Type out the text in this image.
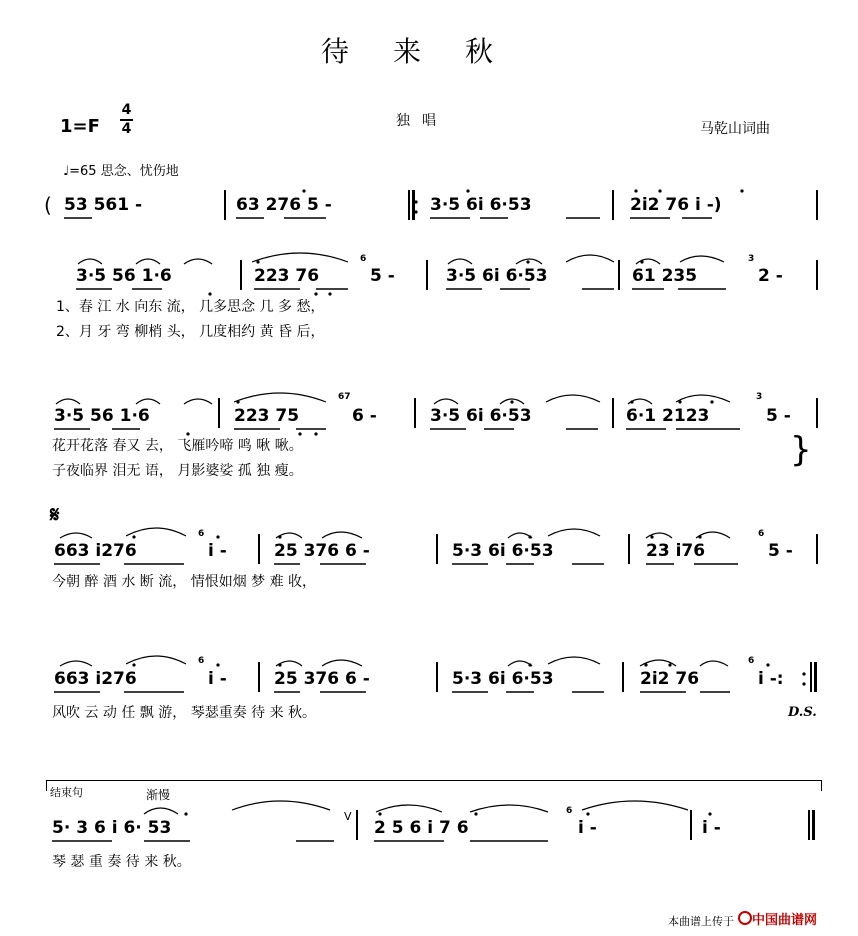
待来秋
1=F
4
4	独唱	马乾山词曲
♩=65 思念、忧伤地
( 53 561 -	63 276 5 -	3·5 6i 6·53	2i2 76 i -)
3·5 56 1·6	223 76
6
5 -	3·5 6i 6·53	61 235
3
2 -
1、春 江 水 向东 流， 几多思念 几 多 愁，
2、月 牙 弯 柳梢 头， 几度相约 黄 昏 后，
3·5 56 1·6	223 75
67
6 -	3·5 6i 6·53	6·1 2123
3
5 -
花开花落 春又 去， 飞雁吟啼 鸣 啾 啾。
子夜临界 泪无 语， 月影婆娑 孤 独 瘦。
}
𝄋
663 i276
6
i -	25 376 6 -	5·3 6i 6·53	23 i76
6
5 -
今朝 醉 酒 水 断 流， 情恨如烟 梦 难 收，
663 i276
6
i -	25 376 6 -	5·3 6i 6·53	2i2 76
6
i -:
风吹 云 动 任 飘 游， 琴瑟重奏 待 来 秋。	D.S.
结束句	渐慢
5· 3 6 i 6· 53
V
2 5 6 i 7 6
6
i -	i -
琴 瑟 重 奏 待 来 秋。
本曲谱上传于 中国曲谱网
